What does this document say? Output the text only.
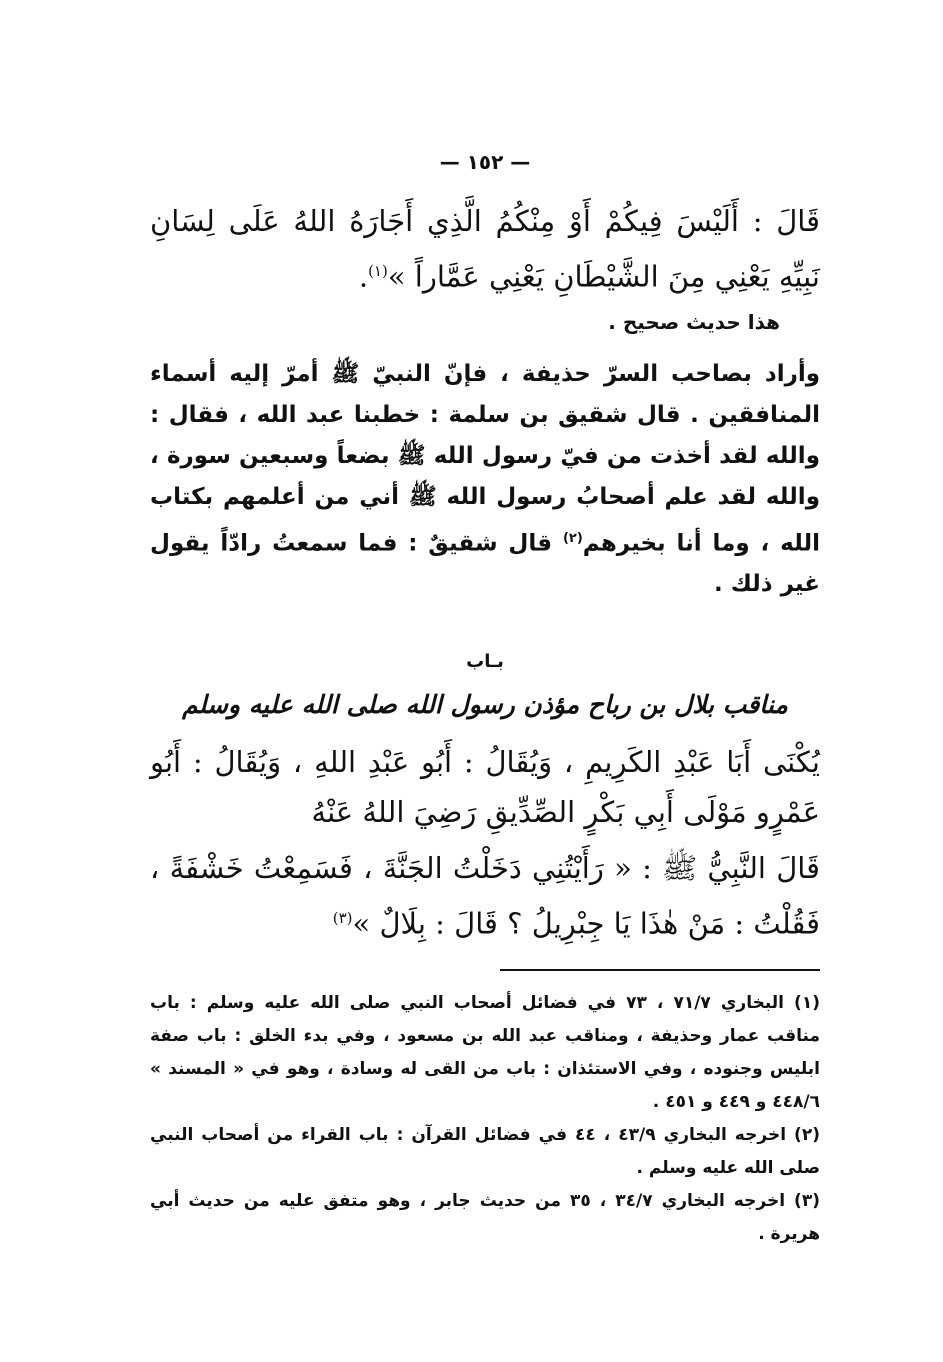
— ١٥٢ —

قَالَ : أَلَيْسَ فِيكُمْ أَوْ مِنْكُمُ الَّذِي أَجَارَهُ اللهُ عَلَى لِسَانِ نَبِيِّهِ يَعْنِي مِنَ الشَّيْطَانِ يَعْنِي عَمَّاراً »$^{(١)}$.

هذا حديث صحيح .

وأراد بصاحب السرّ حذيفة ، فإنّ النبيّ ﷺ أمرّ إليه أسماء المنافقين . قال شقيق بن سلمة : خطبنا عبد الله ، فقال : والله لقد أخذت من فيّ رسول الله ﷺ بضعاً وسبعين سورة ، والله لقد علم أصحابُ رسول الله ﷺ أني من أعلمهم بكتاب الله ، وما أنا بخيرهم$^{(٢)}$ قال شقيقٌ : فما سمعتُ رادّاً يقول غير ذلك .

بـاب
مناقب بلال بن رباح مؤذن رسول الله صلى الله عليه وسلم

يُكْنَى أَبَا عَبْدِ الكَرِيمِ ، وَيُقَالُ : أَبُو عَبْدِ اللهِ ، وَيُقَالُ : أَبُو عَمْرٍو مَوْلَى أَبِي بَكْرٍ الصِّدِّيقِ رَضِيَ اللهُ عَنْهُ

قَالَ النَّبِيُّ ﷺ : « رَأَيْتُنِي دَخَلْتُ الجَنَّةَ ، فَسَمِعْتُ خَشْفَةً ، فَقُلْتُ : مَنْ هٰذَا يَا جِبْرِيلُ ؟ قَالَ : بِلَالٌ »$^{(٣)}$

(١) البخاري ٧١/٧ ، ٧٣ في فضائل أصحاب النبي صلى الله عليه وسلم : باب مناقب عمار وحذيفة ، ومناقب عبد الله بن مسعود ، وفي بدء الخلق : باب صفة ابليس وجنوده ، وفي الاستئذان : باب من القى له وسادة ، وهو في « المسند » ٤٤٨/٦ و ٤٤٩ و ٤٥١ .

(٢) اخرجه البخاري ٤٣/٩ ، ٤٤ في فضائل القرآن : باب القراء من أصحاب النبي صلى الله عليه وسلم .

(٣) اخرجه البخاري ٣٤/٧ ، ٣٥ من حديث جابر ، وهو متفق عليه من حديث أبي هريرة .
